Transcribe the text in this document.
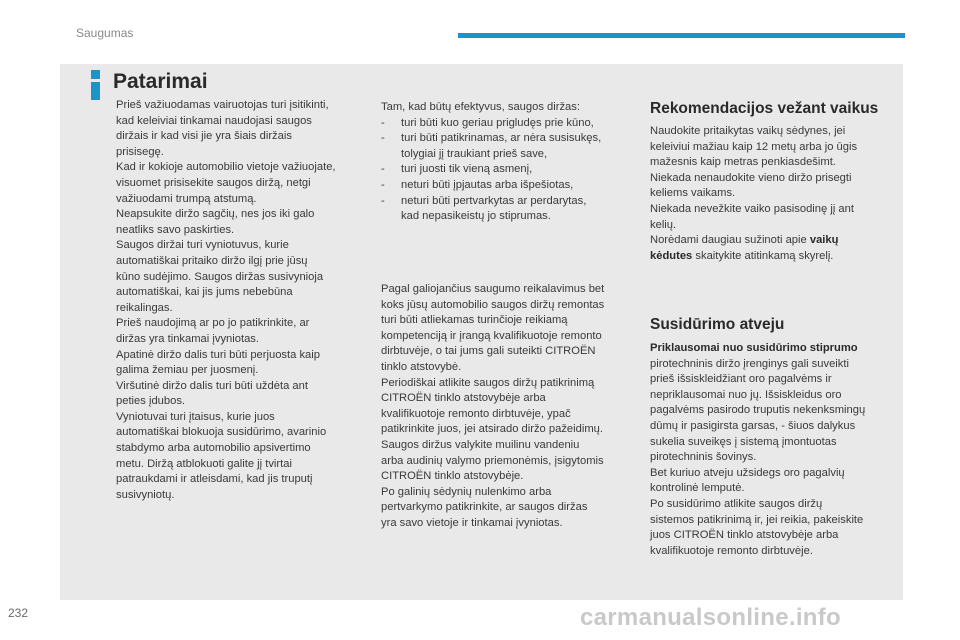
Saugumas
Patarimai

Prieš važiuodamas vairuotojas turi įsitikinti,

kad keleiviai tinkamai naudojasi saugos

diržais ir kad visi jie yra šiais diržais

prisisegę.

Kad ir kokioje automobilio vietoje važiuojate,

visuomet prisisekite saugos diržą, netgi

važiuodami trumpą atstumą.

Neapsukite diržo sagčių, nes jos iki galo

neatliks savo paskirties.

Saugos diržai turi vyniotuvus, kurie

automatiškai pritaiko diržo ilgį prie jūsų

kūno sudėjimo. Saugos diržas susivynioja

automatiškai, kai jis jums nebebūna

reikalingas.

Prieš naudojimą ar po jo patikrinkite, ar

diržas yra tinkamai įvyniotas.

Apatinė diržo dalis turi būti perjuosta kaip

galima žemiau per juosmenį.

Viršutinė diržo dalis turi būti uždėta ant

peties įdubos.

Vyniotuvai turi įtaisus, kurie juos

automatiškai blokuoja susidūrimo, avarinio

stabdymo arba automobilio apsivertimo

metu. Diržą atblokuoti galite jį tvirtai

patraukdami ir atleisdami, kad jis truputį

susivyniotų.

Tam, kad būtų efektyvus, saugos diržas:

-	turi būti kuo geriau prigludęs prie kūno,
-	turi būti patikrinamas, ar nėra susisukęs,
tolygiai jį traukiant prieš save,
-	turi juosti tik vieną asmenį,
-	neturi būti įpjautas arba išpešiotas,
-	neturi būti pertvarkytas ar perdarytas,
kad nepasikeistų jo stiprumas.

Pagal galiojančius saugumo reikalavimus bet

koks jūsų automobilio saugos diržų remontas

turi būti atliekamas turinčioje reikiamą

kompetenciją ir įrangą kvalifikuotoje remonto

dirbtuvėje, o tai jums gali suteikti CITROËN

tinklo atstovybė.

Periodiškai atlikite saugos diržų patikrinimą

CITROËN tinklo atstovybėje arba

kvalifikuotoje remonto dirbtuvėje, ypač

patikrinkite juos, jei atsirado diržo pažeidimų.

Saugos diržus valykite muilinu vandeniu

arba audinių valymo priemonėmis, įsigytomis

CITROËN tinklo atstovybėje.

Po galinių sėdynių nulenkimo arba

pertvarkymo patikrinkite, ar saugos diržas

yra savo vietoje ir tinkamai įvyniotas.

Rekomendacijos vežant vaikus

Naudokite pritaikytas vaikų sėdynes, jei

keleiviui mažiau kaip 12 metų arba jo ūgis

mažesnis kaip metras penkiasdešimt.

Niekada nenaudokite vieno diržo prisegti

keliems vaikams.

Niekada nevežkite vaiko pasisodinę jį ant

kelių.

Norėdami daugiau sužinoti apie vaikų
kėdutes skaitykite atitinkamą skyrelį.

Susidūrimo atveju

Priklausomai nuo susidūrimo stiprumo

pirotechninis diržo įrenginys gali suveikti

prieš išsiskleidžiant oro pagalvėms ir

nepriklausomai nuo jų. Išsiskleidus oro

pagalvėms pasirodo truputis nekenksmingų

dūmų ir pasigirsta garsas, - šiuos dalykus

sukelia suveikęs į sistemą įmontuotas

pirotechninis šovinys.

Bet kuriuo atveju užsidegs oro pagalvių

kontrolinė lemputė.

Po susidūrimo atlikite saugos diržų

sistemos patikrinimą ir, jei reikia, pakeiskite

juos CITROËN tinklo atstovybėje arba

kvalifikuotoje remonto dirbtuvėje.

232	carmanualsonline.info
